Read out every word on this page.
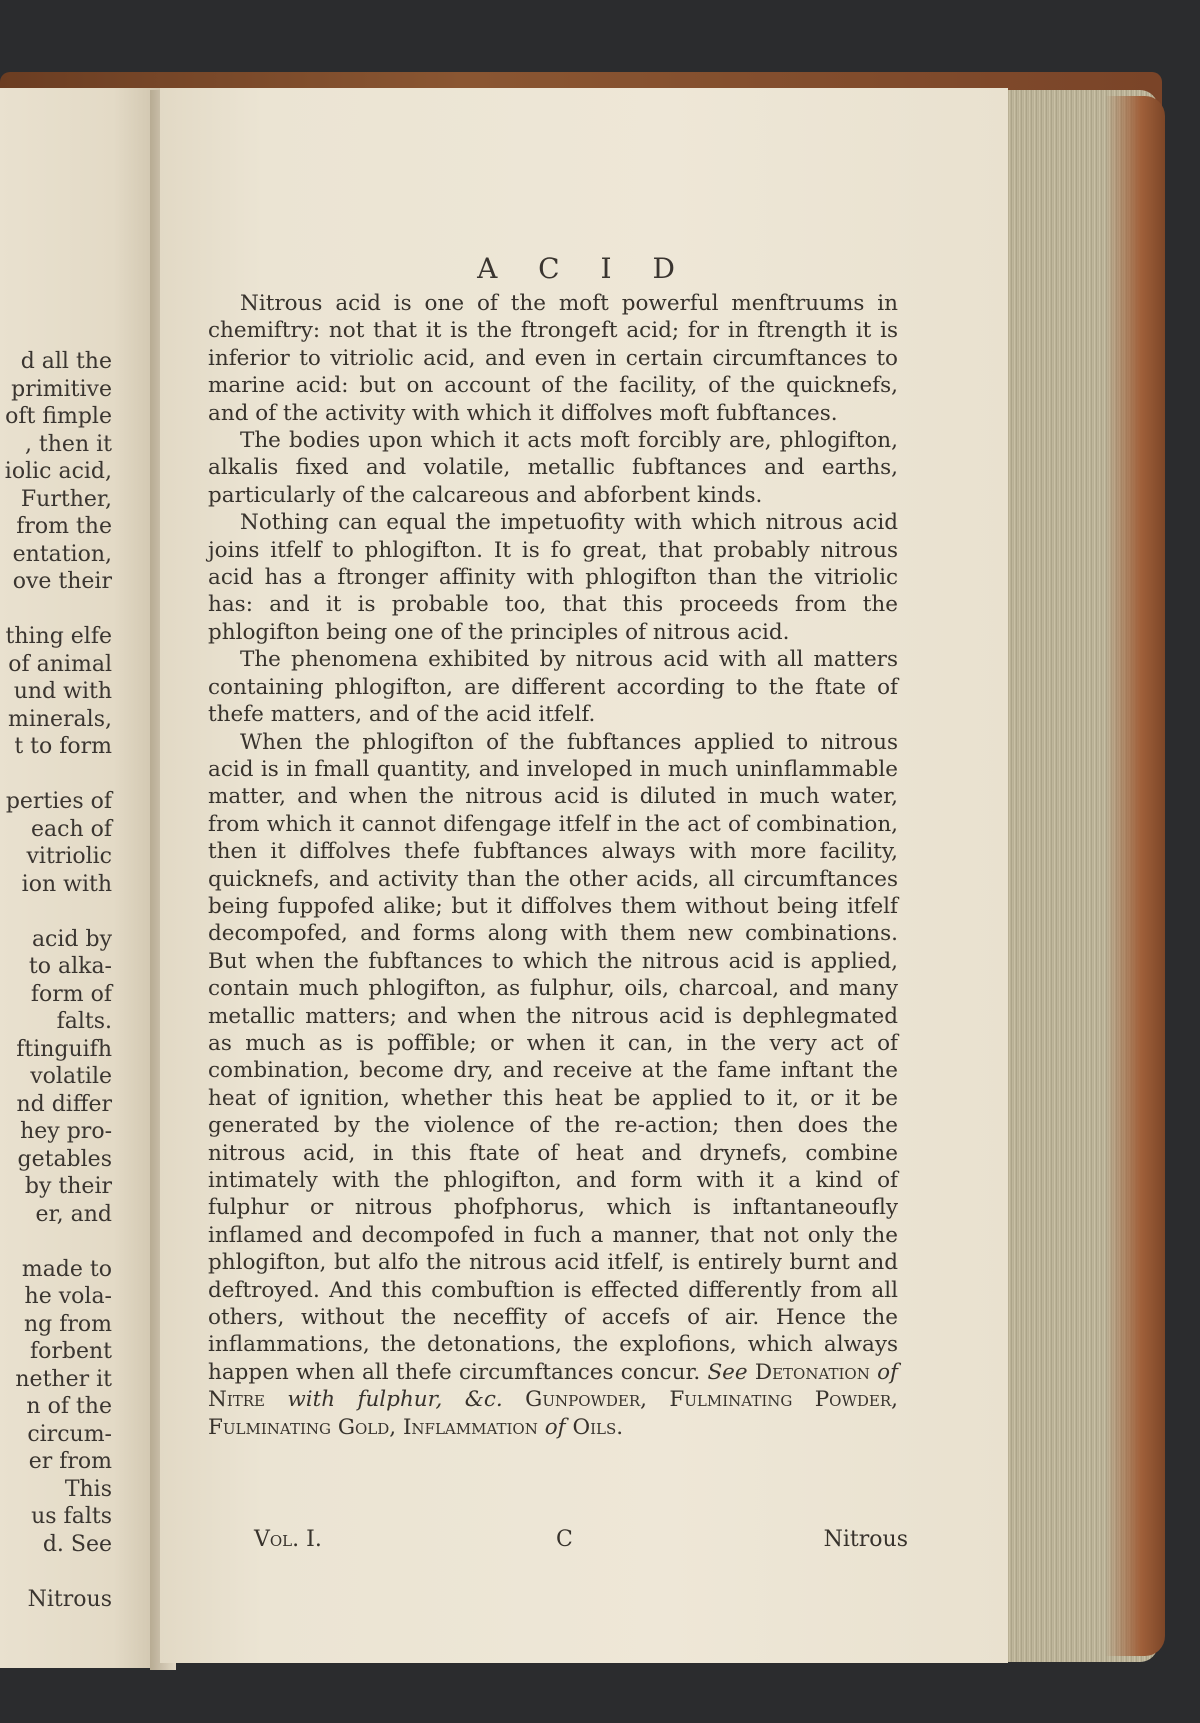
d all the
primitive
oft fimple
, then it
iolic acid,
Further,
from the
entation,
ove their
thing elfe
of animal
und with
minerals,
t to form
perties of
each of
vitriolic
ion with
acid by
to alka-
form of
falts.
ftinguifh
volatile
nd differ
hey pro-
getables
by their
er, and
made to
he vola-
ng from
forbent
nether it
n of the
circum-
er from
This
us falts
d. See
Nitrous
A C I D

Nitrous acid is one of the moft powerful menftruums in chemiftry: not that it is the ftrongeft acid; for in ftrength it is inferior to vitriolic acid, and even in certain circumftances to marine acid: but on account of the facility, of the quicknefs, and of the activity with which it diffolves moft fubftances.

The bodies upon which it acts moft forcibly are, phlogifton, alkalis fixed and volatile, metallic fubftances and earths, particularly of the calcareous and abforbent kinds.

Nothing can equal the impetuofity with which nitrous acid joins itfelf to phlogifton. It is fo great, that probably nitrous acid has a ftronger affinity with phlogifton than the vitriolic has: and it is probable too, that this proceeds from the phlogifton being one of the principles of nitrous acid.

The phenomena exhibited by nitrous acid with all matters containing phlogifton, are different according to the ftate of thefe matters, and of the acid itfelf.

When the phlogifton of the fubftances applied to nitrous acid is in fmall quantity, and inveloped in much uninflammable matter, and when the nitrous acid is diluted in much water, from which it cannot difengage itfelf in the act of combination, then it diffolves thefe fubftances always with more facility, quicknefs, and activity than the other acids, all circumftances being fuppofed alike; but it diffolves them without being itfelf decompofed, and forms along with them new combinations. But when the fubftances to which the nitrous acid is applied, contain much phlogifton, as fulphur, oils, charcoal, and many metallic matters; and when the nitrous acid is dephlegmated as much as is poffible; or when it can, in the very act of combination, become dry, and receive at the fame inftant the heat of ignition, whether this heat be applied to it, or it be generated by the violence of the re-action; then does the nitrous acid, in this ftate of heat and drynefs, combine intimately with the phlogifton, and form with it a kind of fulphur or nitrous phofphorus, which is inftantaneoufly inflamed and decompofed in fuch a manner, that not only the phlogifton, but alfo the nitrous acid itfelf, is entirely burnt and deftroyed. And this combuftion is effected differently from all others, without the neceffity of accefs of air. Hence the inflammations, the detonations, the explofions, which always happen when all thefe circumftances concur. See Detonation of Nitre with fulphur, &c. Gunpowder, Fulminating Powder, Fulminating Gold, Inflammation of Oils.

Vol. I.	C	Nitrous
